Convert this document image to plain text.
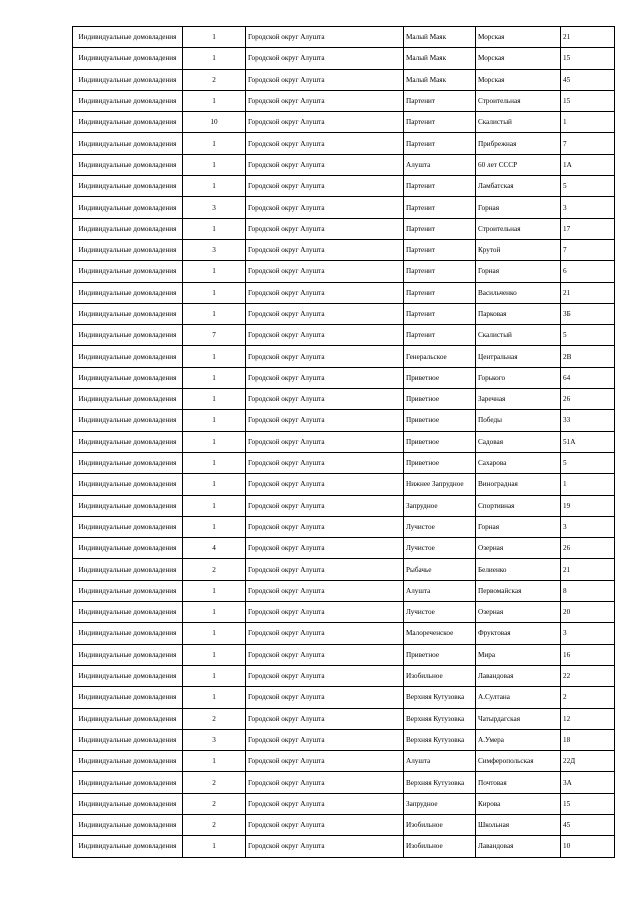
Индивидуальные домовладения	1	Городской округ Алушта	Малый Маяк	Морская	21
Индивидуальные домовладения	1	Городской округ Алушта	Малый Маяк	Морская	15
Индивидуальные домовладения	2	Городской округ Алушта	Малый Маяк	Морская	45
Индивидуальные домовладения	1	Городской округ Алушта	Партенит	Строительная	15
Индивидуальные домовладения	10	Городской округ Алушта	Партенит	Скалистый	1
Индивидуальные домовладения	1	Городской округ Алушта	Партенит	Прибрежная	7
Индивидуальные домовладения	1	Городской округ Алушта	Алушта	60 лет СССР	1А
Индивидуальные домовладения	1	Городской округ Алушта	Партенит	Ламбатская	5
Индивидуальные домовладения	3	Городской округ Алушта	Партенит	Горная	3
Индивидуальные домовладения	1	Городской округ Алушта	Партенит	Строительная	17
Индивидуальные домовладения	3	Городской округ Алушта	Партенит	Крутой	7
Индивидуальные домовладения	1	Городской округ Алушта	Партенит	Горная	6
Индивидуальные домовладения	1	Городской округ Алушта	Партенит	Васильченко	21
Индивидуальные домовладения	1	Городской округ Алушта	Партенит	Парковая	3Б
Индивидуальные домовладения	7	Городской округ Алушта	Партенит	Скалистый	5
Индивидуальные домовладения	1	Городской округ Алушта	Генеральское	Центральная	2В
Индивидуальные домовладения	1	Городской округ Алушта	Приветное	Горького	64
Индивидуальные домовладения	1	Городской округ Алушта	Приветное	Заречная	26
Индивидуальные домовладения	1	Городской округ Алушта	Приветное	Победы	33
Индивидуальные домовладения	1	Городской округ Алушта	Приветное	Садовая	51А
Индивидуальные домовладения	1	Городской округ Алушта	Приветное	Сахарова	5
Индивидуальные домовладения	1	Городской округ Алушта	Нижнее Запрудное	Виноградная	1
Индивидуальные домовладения	1	Городской округ Алушта	Запрудное	Спортивная	19
Индивидуальные домовладения	1	Городской округ Алушта	Лучистое	Горная	3
Индивидуальные домовладения	4	Городской округ Алушта	Лучистое	Озерная	26
Индивидуальные домовладения	2	Городской округ Алушта	Рыбачье	Белиенко	21
Индивидуальные домовладения	1	Городской округ Алушта	Алушта	Первомайская	8
Индивидуальные домовладения	1	Городской округ Алушта	Лучистое	Озерная	20
Индивидуальные домовладения	1	Городской округ Алушта	Малореченское	Фруктовая	3
Индивидуальные домовладения	1	Городской округ Алушта	Приветное	Мира	16
Индивидуальные домовладения	1	Городской округ Алушта	Изобильное	Лавандовая	22
Индивидуальные домовладения	1	Городской округ Алушта	Верхняя Кутузовка	А.Султана	2
Индивидуальные домовладения	2	Городской округ Алушта	Верхняя Кутузовка	Чатырдагская	12
Индивидуальные домовладения	3	Городской округ Алушта	Верхняя Кутузовка	А.Умера	18
Индивидуальные домовладения	1	Городской округ Алушта	Алушта	Симферопольская	22Д
Индивидуальные домовладения	2	Городской округ Алушта	Верхняя Кутузовка	Почтовая	3А
Индивидуальные домовладения	2	Городской округ Алушта	Запрудное	Кирова	15
Индивидуальные домовладения	2	Городской округ Алушта	Изобильное	Школьная	45
Индивидуальные домовладения	1	Городской округ Алушта	Изобильное	Лавандовая	10
